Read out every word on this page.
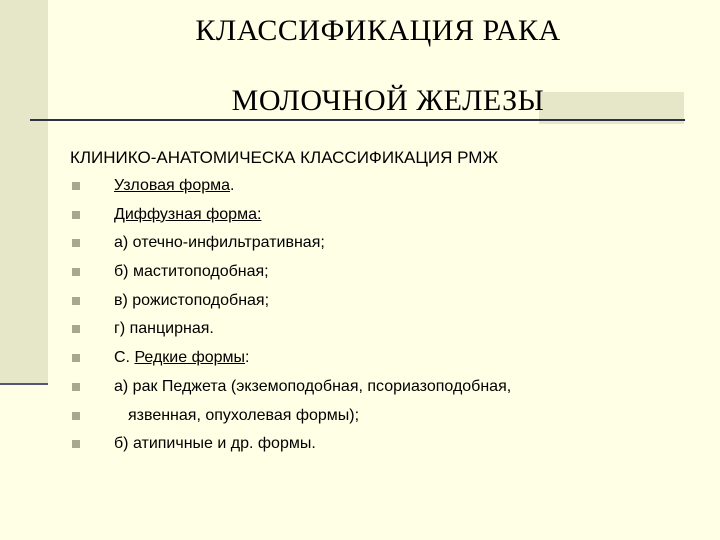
КЛАССИФИКАЦИЯ РАКА
МОЛОЧНОЙ ЖЕЛЕЗЫ
КЛИНИКО-АНАТОМИЧЕСКА КЛАССИФИКАЦИЯ РМЖ
Узловая форма.
Диффузная форма:
а) отечно-инфильтративная;
б) маститоподобная;
в) рожистоподобная;
г) панцирная.
С. Редкие формы:
а) рак Педжета (экземоподобная, псориазоподобная,
язвенная, опухолевая формы);
б) атипичные и др. формы.
